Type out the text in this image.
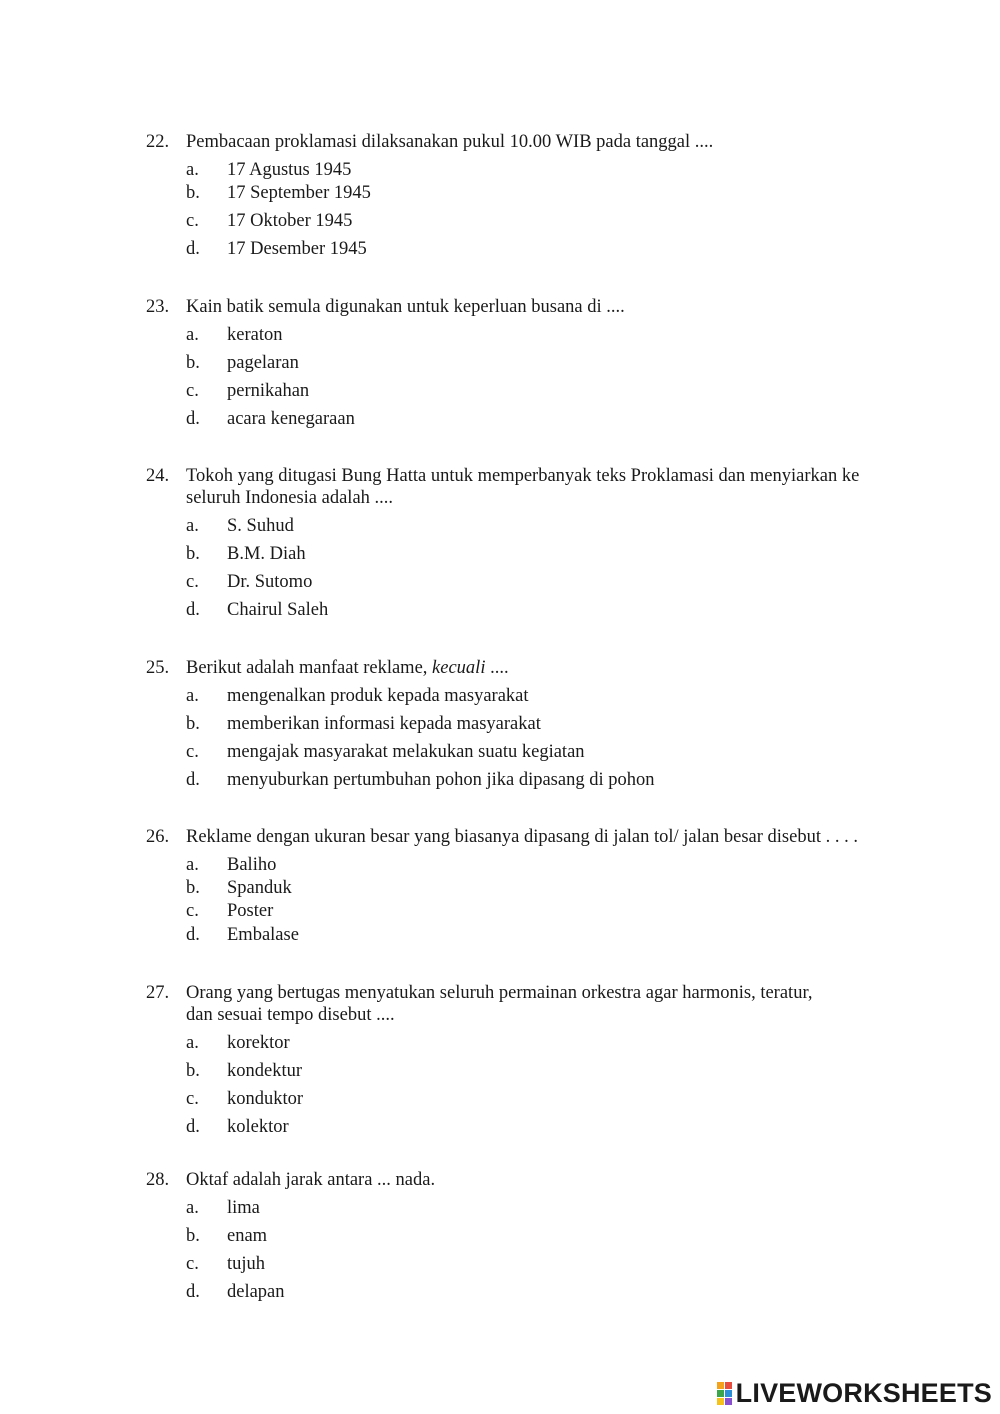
22. Pembacaan proklamasi dilaksanakan pukul 10.00 WIB pada tanggal ....
a.	17 Agustus 1945
b.	17 September 1945
c.	17 Oktober 1945
d.	17 Desember 1945
23. Kain batik semula digunakan untuk keperluan busana di ....
a.	keraton
b.	pagelaran
c.	pernikahan
d.	acara kenegaraan
24. Tokoh yang ditugasi Bung Hatta untuk memperbanyak teks Proklamasi dan menyiarkan ke
seluruh Indonesia adalah ....
a.	S. Suhud
b.	B.M. Diah
c.	Dr. Sutomo
d.	Chairul Saleh
25. Berikut adalah manfaat reklame, kecuali ....
a.	mengenalkan produk kepada masyarakat
b.	memberikan informasi kepada masyarakat
c.	mengajak masyarakat melakukan suatu kegiatan
d.	menyuburkan pertumbuhan pohon jika dipasang di pohon
26. Reklame dengan ukuran besar yang biasanya dipasang di jalan tol/ jalan besar disebut . . . .
a.	Baliho
b.	Spanduk
c.	Poster
d.	Embalase
27. Orang yang bertugas menyatukan seluruh permainan orkestra agar harmonis, teratur,
dan sesuai tempo disebut ....
a.	korektor
b.	kondektur
c.	konduktor
d.	kolektor
28. Oktaf adalah jarak antara ... nada.
a.	lima
b.	enam
c.	tujuh
d.	delapan
LIVEWORKSHEETS
